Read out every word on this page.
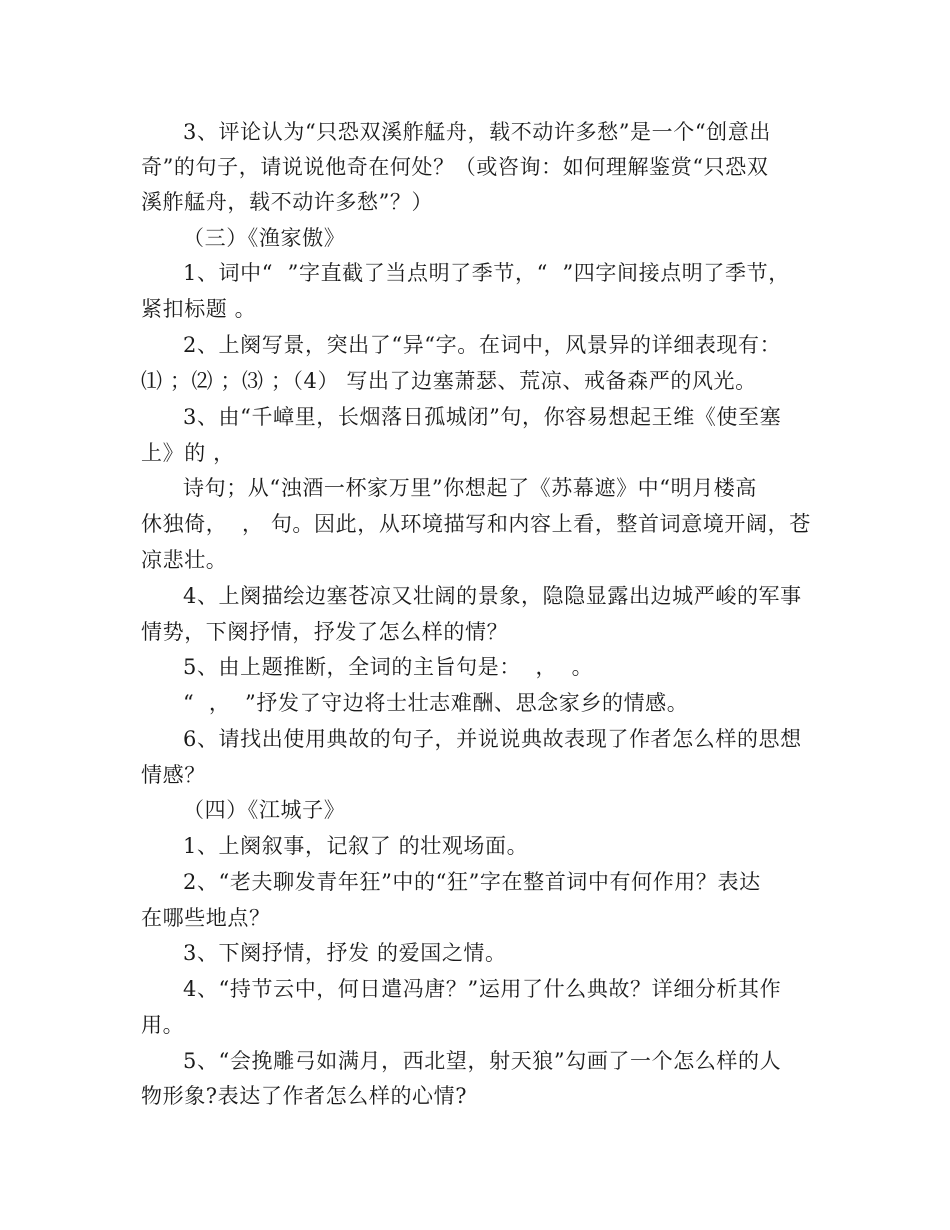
3、评论认为“只恐双溪舴艋舟，载不动许多愁”是一个“创意出
奇”的句子，请说说他奇在何处？（或咨询：如何理解鉴赏“只恐双
溪舴艋舟，载不动许多愁”？）
（三）《渔家傲》
1、词中“  ”字直截了当点明了季节，“  ”四字间接点明了季节，
紧扣标题 。
2、上阕写景，突出了“异“字。在词中，风景异的详细表现有：
⑴ ；⑵ ；⑶ ；（4） 写出了边塞萧瑟、荒凉、戒备森严的风光。
3、由“千嶂里，长烟落日孤城闭”句，你容易想起王维《使至塞
上》的 ，
诗句；从“浊酒一杯家万里”你想起了《苏幕遮》中“明月楼高
休独倚，  ， 句。因此，从环境描写和内容上看，整首词意境开阔，苍
凉悲壮。
4、上阕描绘边塞苍凉又壮阔的景象，隐隐显露出边城严峻的军事
情势，下阕抒情，抒发了怎么样的情？
5、由上题推断，全词的主旨句是：  ，  。
“  ，  ”抒发了守边将士壮志难酬、思念家乡的情感。
6、请找出使用典故的句子，并说说典故表现了作者怎么样的思想
情感？
（四）《江城子》
1、上阕叙事，记叙了 的壮观场面。
2、“老夫聊发青年狂”中的“狂”字在整首词中有何作用？表达
在哪些地点？
3、下阕抒情，抒发 的爱国之情。
4、“持节云中，何日遣冯唐？”运用了什么典故？详细分析其作
用。
5、“会挽雕弓如满月，西北望，射天狼”勾画了一个怎么样的人
物形象?表达了作者怎么样的心情?
